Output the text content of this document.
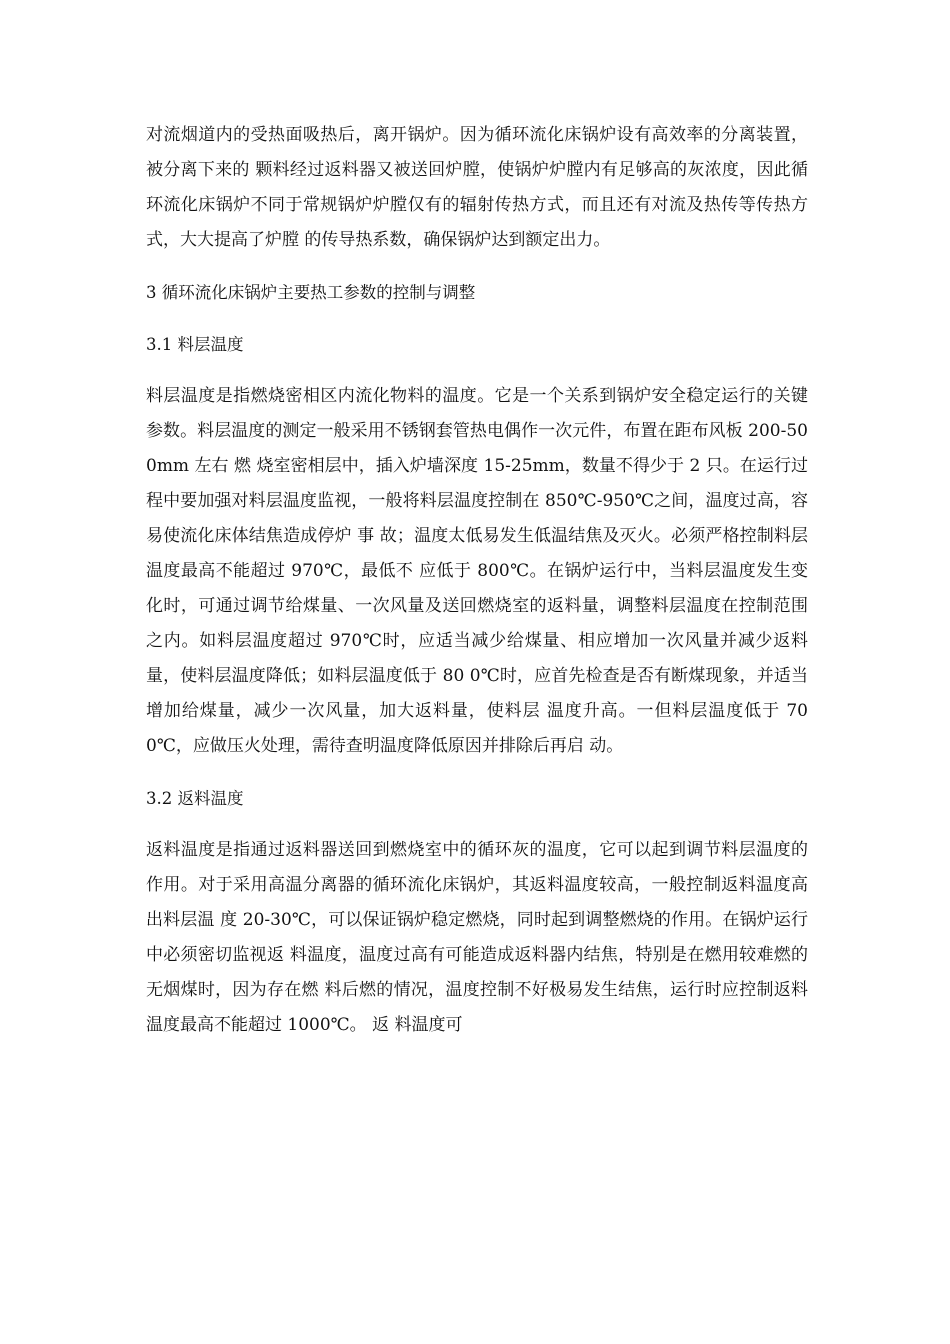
对流烟道内的受热面吸热后，离开锅炉。因为循环流化床锅炉设有高效率的分离装置，被分离下来的 颗料经过返料器又被送回炉膛，使锅炉炉膛内有足够高的灰浓度，因此循环流化床锅炉不同于常规锅炉炉膛仅有的辐射传热方式，而且还有对流及热传等传热方式，大大提高了炉膛 的传导热系数，确保锅炉达到额定出力。

3 循环流化床锅炉主要热工参数的控制与调整

3.1 料层温度

料层温度是指燃烧密相区内流化物料的温度。它是一个关系到锅炉安全稳定运行的关键参数。料层温度的测定一般采用不锈钢套管热电偶作一次元件，布置在距布风板 200-500mm 左右 燃 烧室密相层中，插入炉墙深度 15-25mm，数量不得少于 2 只。在运行过程中要加强对料层温度监视，一般将料层温度控制在 850℃-950℃之间，温度过高，容易使流化床体结焦造成停炉 事 故；温度太低易发生低温结焦及灭火。必须严格控制料层温度最高不能超过 970℃，最低不 应低于 800℃。在锅炉运行中，当料层温度发生变化时，可通过调节给煤量、一次风量及送回燃烧室的返料量，调整料层温度在控制范围之内。如料层温度超过 970℃时，应适当减少给煤量、相应增加一次风量并减少返料量，使料层温度降低；如料层温度低于 80 0℃时，应首先检查是否有断煤现象，并适当增加给煤量，减少一次风量，加大返料量，使料层 温度升高。一但料层温度低于 700℃，应做压火处理，需待查明温度降低原因并排除后再启 动。

3.2 返料温度

返料温度是指通过返料器送回到燃烧室中的循环灰的温度，它可以起到调节料层温度的作用。对于采用高温分离器的循环流化床锅炉，其返料温度较高，一般控制返料温度高出料层温 度 20-30℃，可以保证锅炉稳定燃烧，同时起到调整燃烧的作用。在锅炉运行中必须密切监视返 料温度，温度过高有可能造成返料器内结焦，特别是在燃用较难燃的无烟煤时，因为存在燃 料后燃的情况，温度控制不好极易发生结焦，运行时应控制返料温度最高不能超过 1000℃。 返 料温度可
